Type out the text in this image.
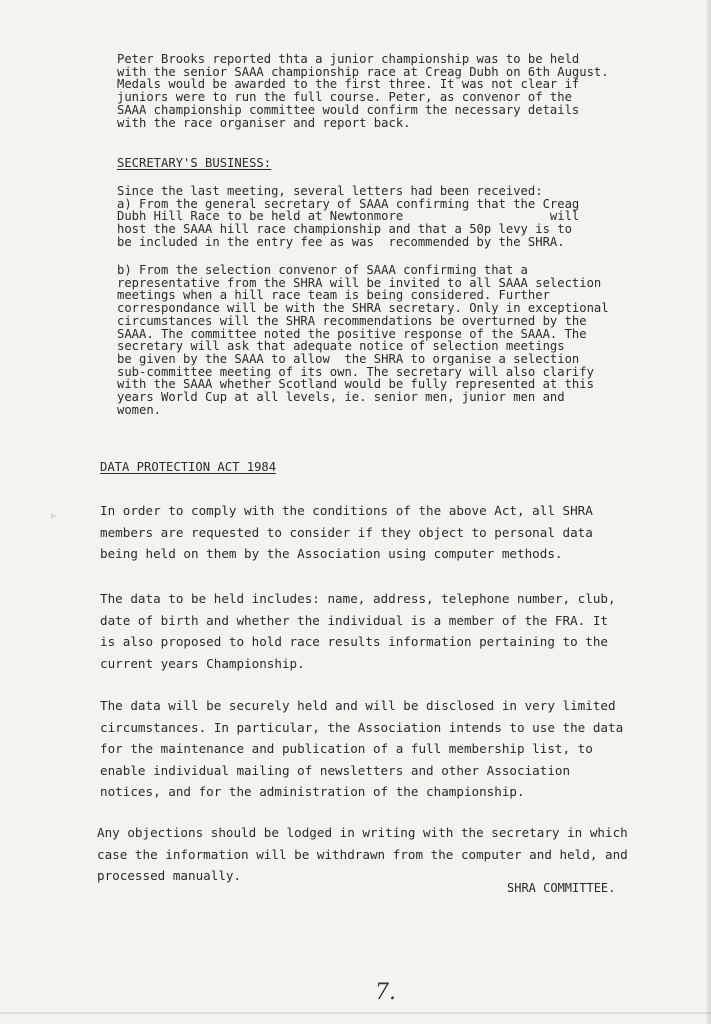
Peter Brooks reported thta a junior championship was to be held
with the senior SAAA championship race at Creag Dubh on 6th August.
Medals would be awarded to the first three. It was not clear if
juniors were to run the full course. Peter, as convenor of the
SAAA championship committee would confirm the necessary details
with the race organiser and report back.
SECRETARY'S BUSINESS:
Since the last meeting, several letters had been received:
a) From the general secretary of SAAA confirming that the Creag
Dubh Hill Race to be held at Newtonmore                    will
host the SAAA hill race championship and that a 50p levy is to
be included in the entry fee as was  recommended by the SHRA.
b) From the selection convenor of SAAA confirming that a
representative from the SHRA will be invited to all SAAA selection
meetings when a hill race team is being considered. Further
correspondance will be with the SHRA secretary. Only in exceptional
circumstances will the SHRA recommendations be overturned by the
SAAA. The committee noted the positive response of the SAAA. The
secretary will ask that adequate notice of selection meetings
be given by the SAAA to allow  the SHRA to organise a selection
sub-committee meeting of its own. The secretary will also clarify
with the SAAA whether Scotland would be fully represented at this
years World Cup at all levels, ie. senior men, junior men and
women.
DATA PROTECTION ACT 1984
In order to comply with the conditions of the above Act, all SHRA
members are requested to consider if they object to personal data
being held on them by the Association using computer methods.
The data to be held includes: name, address, telephone number, club,
date of birth and whether the individual is a member of the FRA. It
is also proposed to hold race results information pertaining to the
current years Championship.
The data will be securely held and will be disclosed in very limited
circumstances. In particular, the Association intends to use the data
for the maintenance and publication of a full membership list, to
enable individual mailing of newsletters and other Association
notices, and for the administration of the championship.
Any objections should be lodged in writing with the secretary in which
case the information will be withdrawn from the computer and held, and
processed manually.
SHRA COMMITTEE.
7.
